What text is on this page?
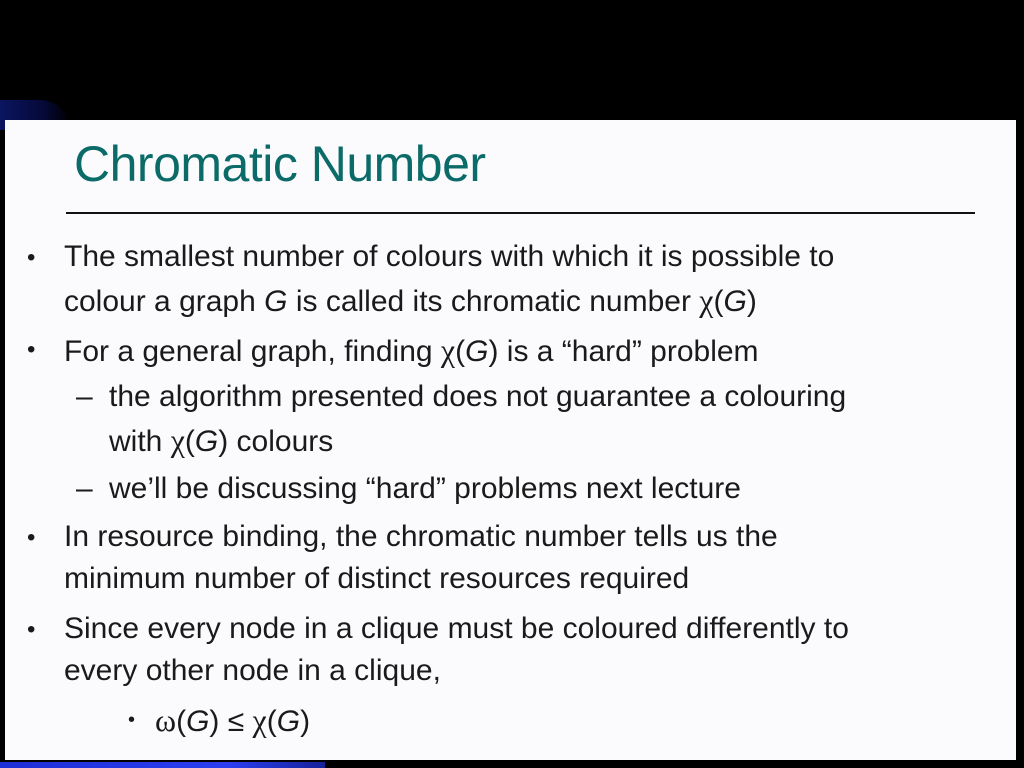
Chromatic Number
• The smallest number of colours with which it is possible to
colour a graph G is called its chromatic number χ(G)
• For a general graph, finding χ(G) is a “hard” problem
– the algorithm presented does not guarantee a colouring
with χ(G) colours
– we’ll be discussing “hard” problems next lecture
• In resource binding, the chromatic number tells us the
minimum number of distinct resources required
• Since every node in a clique must be coloured differently to
every other node in a clique,
• ω(G) ≤ χ(G)
